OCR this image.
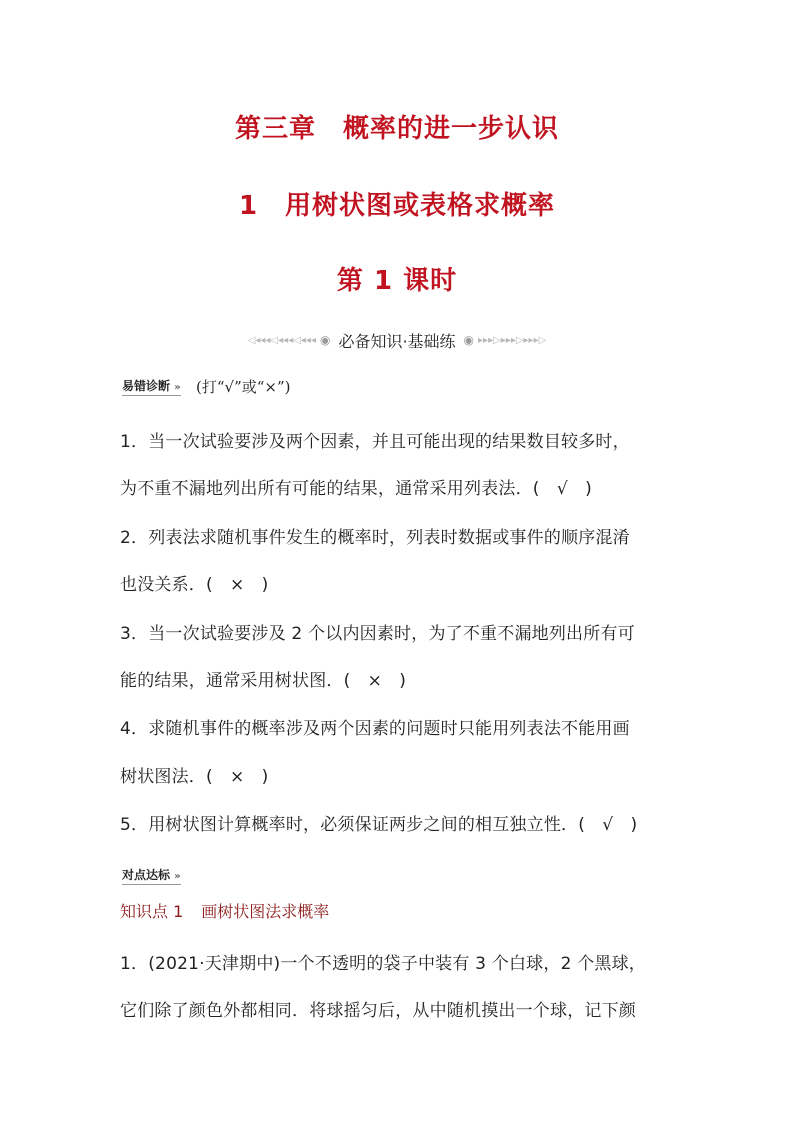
第三章　概率的进一步认识
1　用树状图或表格求概率
第 1 课时
◁◂◂◂◁◂◂◂◁◂◂◂ ◉ 必备知识·基础练 ◉ ▸▸▸▷▸▸▸▷▸▸▸▷
易错诊断 » (打“√”或“×”)
1．当一次试验要涉及两个因素，并且可能出现的结果数目较多时，
为不重不漏地列出所有可能的结果，通常采用列表法．(　√　)
2．列表法求随机事件发生的概率时，列表时数据或事件的顺序混淆
也没关系．(　×　)
3．当一次试验要涉及 2 个以内因素时，为了不重不漏地列出所有可
能的结果，通常采用树状图．(　×　)
4．求随机事件的概率涉及两个因素的问题时只能用列表法不能用画
树状图法．(　×　)
5．用树状图计算概率时，必须保证两步之间的相互独立性．(　√　)
对点达标 »
知识点 1 画树状图法求概率
1．(2021·天津期中)一个不透明的袋子中装有 3 个白球，2 个黑球，
它们除了颜色外都相同．将球摇匀后，从中随机摸出一个球，记下颜
